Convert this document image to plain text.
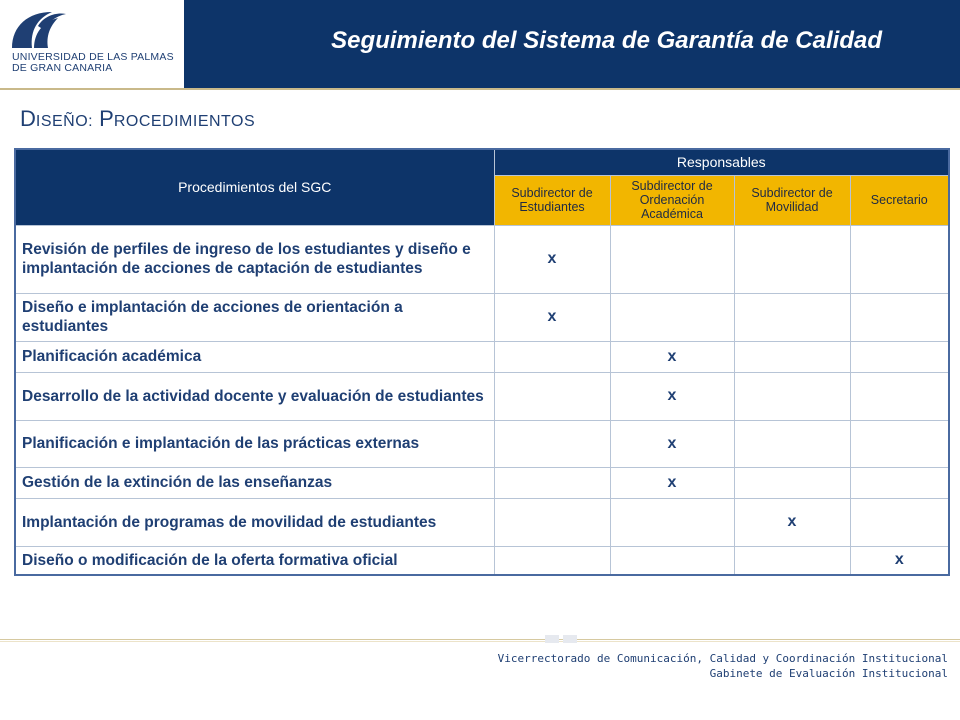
UNIVERSIDAD DE LAS PALMAS
DE GRAN CANARIA
Seguimiento del Sistema de Garantía de Calidad
DISEÑO: PROCEDIMIENTOS
Procedimientos del SGC	Responsables			
	Subdirector de Estudiantes	Subdirector de Ordenación Académica	Subdirector de Movilidad	Secretario
Revisión de perfiles de ingreso de los estudiantes y diseño e implantación de acciones de captación de estudiantes	x			
Diseño e implantación de acciones de orientación a estudiantes	x			
Planificación académica		x		
Desarrollo de la actividad docente y evaluación de estudiantes		x		
Planificación e implantación de las prácticas externas		x		
Gestión de la extinción de las enseñanzas		x		
Implantación de programas de movilidad de estudiantes			x	
Diseño o modificación de la oferta formativa oficial				x
Vicerrectorado de Comunicación, Calidad y Coordinación Institucional
Gabinete de Evaluación Institucional
